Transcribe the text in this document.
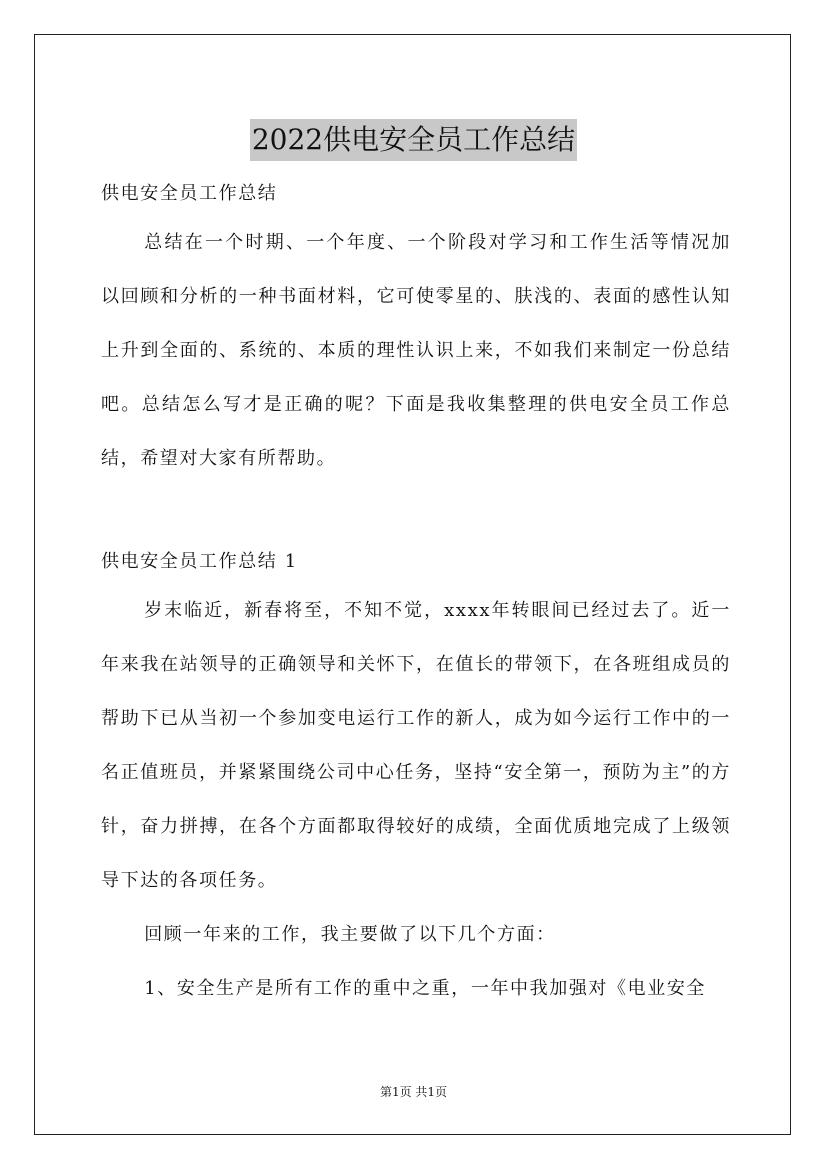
2022供电安全员工作总结

供电安全员工作总结

总结在一个时期、一个年度、一个阶段对学习和工作生活等情况加以回顾和分析的一种书面材料，它可使零星的、肤浅的、表面的感性认知上升到全面的、系统的、本质的理性认识上来，不如我们来制定一份总结吧。总结怎么写才是正确的呢？下面是我收集整理的供电安全员工作总结，希望对大家有所帮助。

供电安全员工作总结 1

岁末临近，新春将至，不知不觉，xxxx年转眼间已经过去了。近一年来我在站领导的正确领导和关怀下，在值长的带领下，在各班组成员的帮助下已从当初一个参加变电运行工作的新人，成为如今运行工作中的一名正值班员，并紧紧围绕公司中心任务，坚持“安全第一，预防为主”的方针，奋力拼搏，在各个方面都取得较好的成绩，全面优质地完成了上级领导下达的各项任务。

回顾一年来的工作，我主要做了以下几个方面：

1、安全生产是所有工作的重中之重，一年中我加强对《电业安全

第1页 共1页
